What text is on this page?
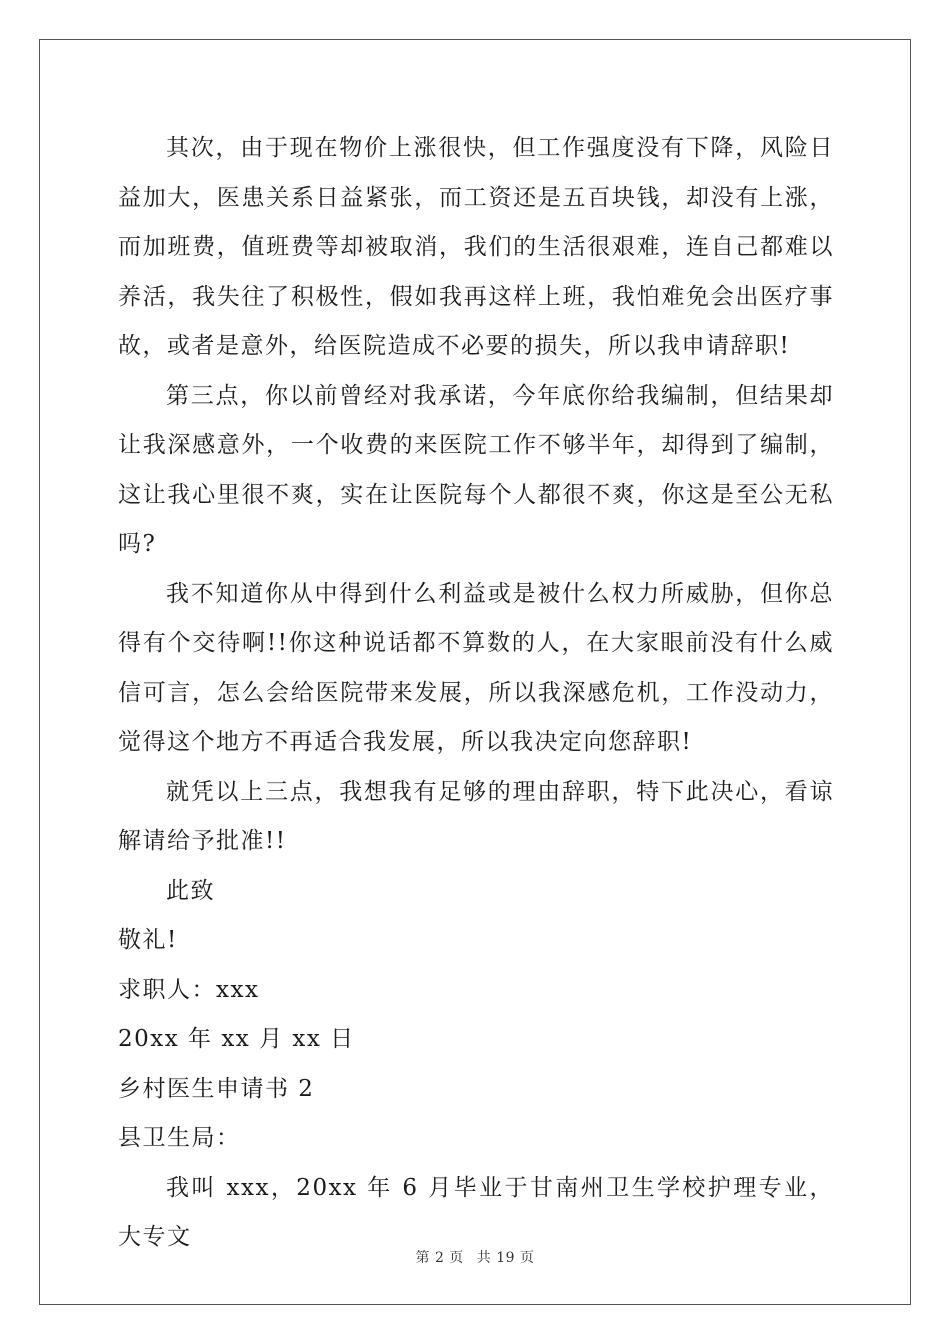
其次，由于现在物价上涨很快，但工作强度没有下降，风险日益加大，医患关系日益紧张，而工资还是五百块钱，却没有上涨，而加班费，值班费等却被取消，我们的生活很艰难，连自己都难以养活，我失往了积极性，假如我再这样上班，我怕难免会出医疗事故，或者是意外，给医院造成不必要的损失，所以我申请辞职!

第三点，你以前曾经对我承诺，今年底你给我编制，但结果却让我深感意外，一个收费的来医院工作不够半年，却得到了编制， 这让我心里很不爽，实在让医院每个人都很不爽，你这是至公无私吗?

我不知道你从中得到什么利益或是被什么权力所威胁，但你总得有个交待啊!!你这种说话都不算数的人，在大家眼前没有什么威信可言，怎么会给医院带来发展，所以我深感危机，工作没动力，觉得这个地方不再适合我发展，所以我决定向您辞职!

就凭以上三点，我想我有足够的理由辞职，特下此决心，看谅解请给予批准!!

此致

敬礼!

求职人：xxx

20xx 年 xx 月 xx 日

乡村医生申请书 2

县卫生局：

我叫 xxx，20xx 年 6 月毕业于甘南州卫生学校护理专业，大专文

第 2 页 共 19 页
